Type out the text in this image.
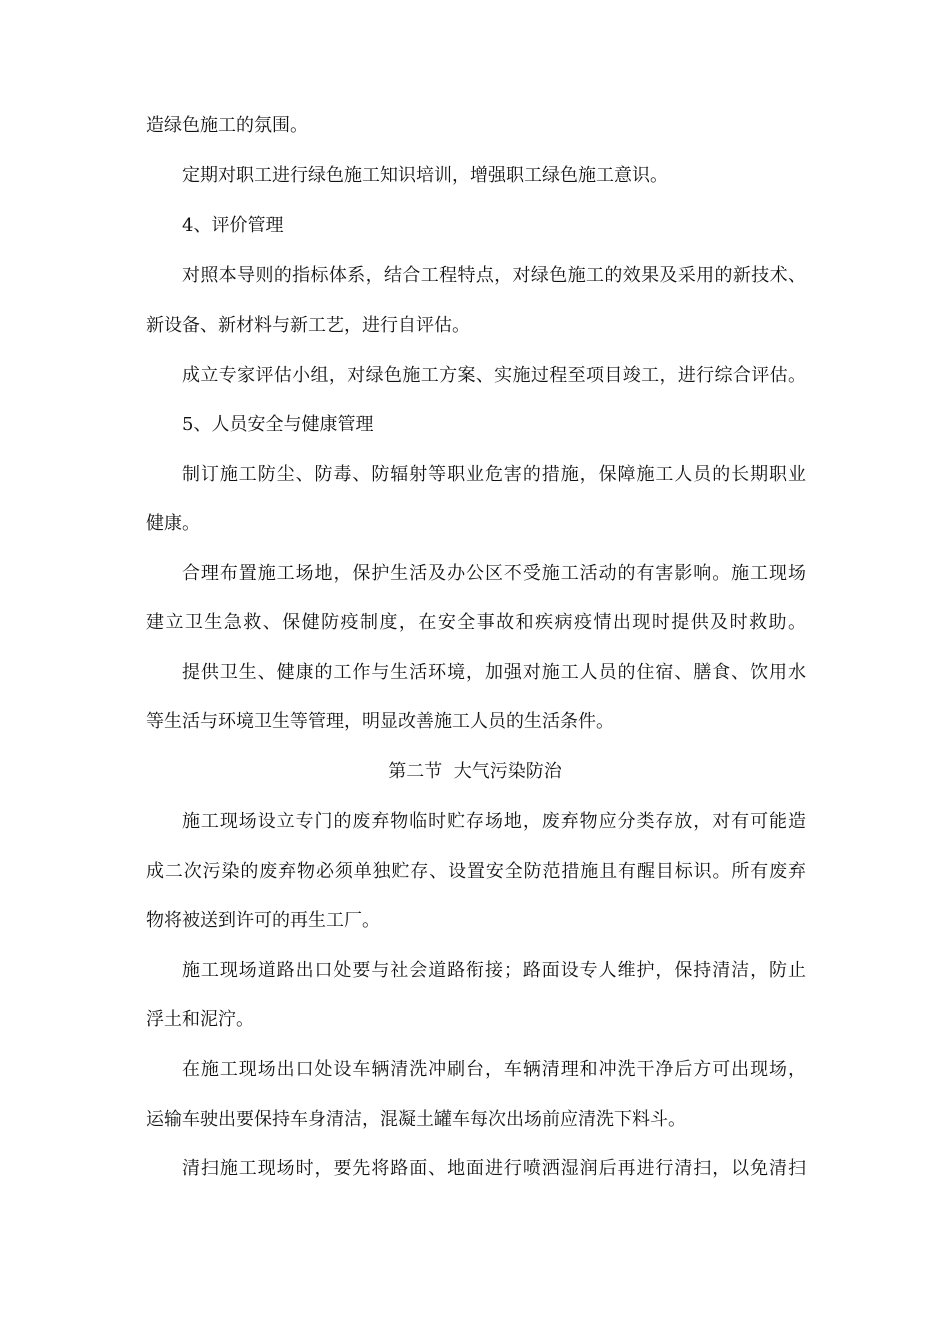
造绿色施工的氛围。
定期对职工进行绿色施工知识培训，增强职工绿色施工意识。
4、评价管理
对照本导则的指标体系，结合工程特点，对绿色施工的效果及采用的新技术、
新设备、新材料与新工艺，进行自评估。
成立专家评估小组，对绿色施工方案、实施过程至项目竣工，进行综合评估。
5、人员安全与健康管理
制订施工防尘、防毒、防辐射等职业危害的措施，保障施工人员的长期职业
健康。
合理布置施工场地，保护生活及办公区不受施工活动的有害影响。施工现场
建立卫生急救、保健防疫制度，在安全事故和疾病疫情出现时提供及时救助。
提供卫生、健康的工作与生活环境，加强对施工人员的住宿、膳食、饮用水
等生活与环境卫生等管理，明显改善施工人员的生活条件。
第二节  大气污染防治
施工现场设立专门的废弃物临时贮存场地，废弃物应分类存放，对有可能造
成二次污染的废弃物必须单独贮存、设置安全防范措施且有醒目标识。所有废弃
物将被送到许可的再生工厂。
施工现场道路出口处要与社会道路衔接；路面设专人维护，保持清洁，防止
浮土和泥泞。
在施工现场出口处设车辆清洗冲刷台，车辆清理和冲洗干净后方可出现场，
运输车驶出要保持车身清洁，混凝土罐车每次出场前应清洗下料斗。
清扫施工现场时，要先将路面、地面进行喷洒湿润后再进行清扫，以免清扫
